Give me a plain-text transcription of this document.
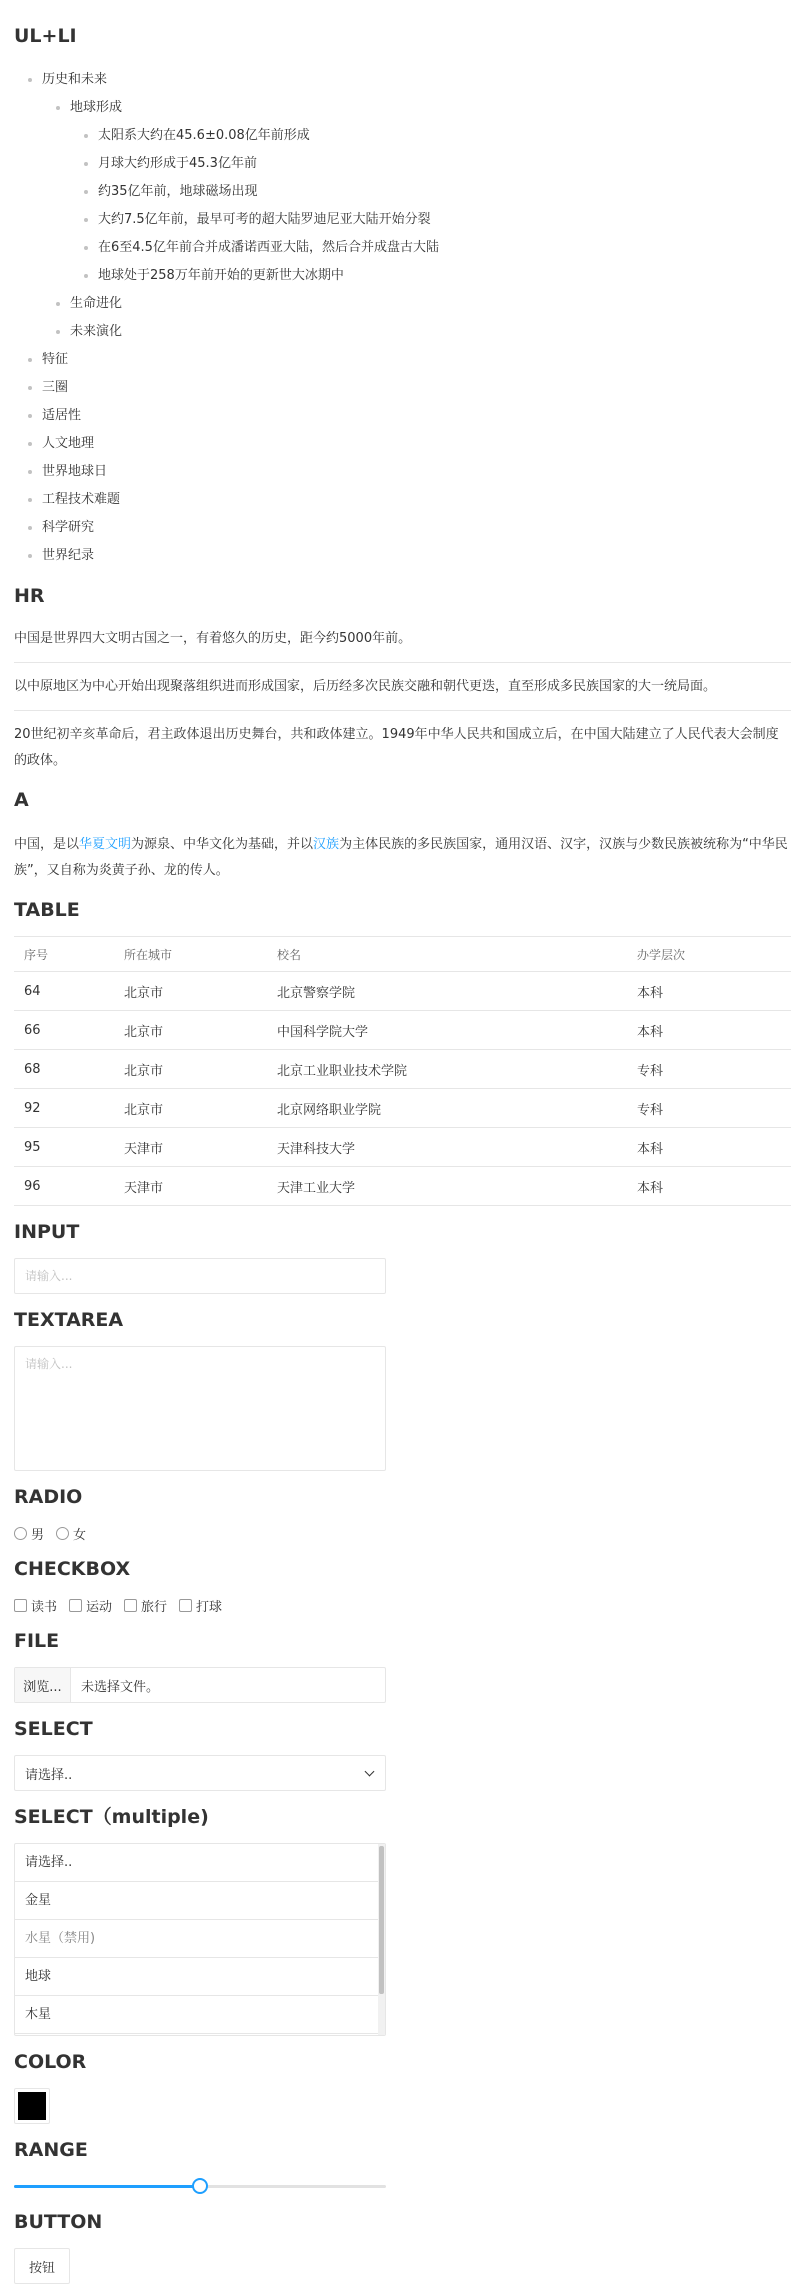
UL+LI
历史和未来
地球形成
太阳系大约在45.6±0.08亿年前形成
月球大约形成于45.3亿年前
约35亿年前，地球磁场出现
大约7.5亿年前，最早可考的超大陆罗迪尼亚大陆开始分裂
在6至4.5亿年前合并成潘诺西亚大陆，然后合并成盘古大陆
地球处于258万年前开始的更新世大冰期中
生命进化
未来演化
特征
三圈
适居性
人文地理
世界地球日
工程技术难题
科学研究
世界纪录
HR

中国是世界四大文明古国之一，有着悠久的历史，距今约5000年前。

以中原地区为中心开始出现聚落组织进而形成国家，后历经多次民族交融和朝代更迭，直至形成多民族国家的大一统局面。

20世纪初辛亥革命后，君主政体退出历史舞台，共和政体建立。1949年中华人民共和国成立后，在中国大陆建立了人民代表大会制度的政体。

A

中国，是以华夏文明为源泉、中华文化为基础，并以汉族为主体民族的多民族国家，通用汉语、汉字，汉族与少数民族被统称为“中华民族”，又自称为炎黄子孙、龙的传人。

TABLE
序号	所在城市	校名	办学层次
64	北京市	北京警察学院	本科
66	北京市	中国科学院大学	本科
68	北京市	北京工业职业技术学院	专科
92	北京市	北京网络职业学院	专科
95	天津市	天津科技大学	本科
96	天津市	天津工业大学	本科
INPUT
请输入...
TEXTAREA
请输入...
RADIO
男 女
CHECKBOX
读书 运动 旅行 打球
FILE
浏览...	未选择文件。
SELECT
请选择..
SELECT（multiple)
请选择..
金星
水星（禁用)
地球
木星
COLOR
RANGE
BUTTON
按钮
